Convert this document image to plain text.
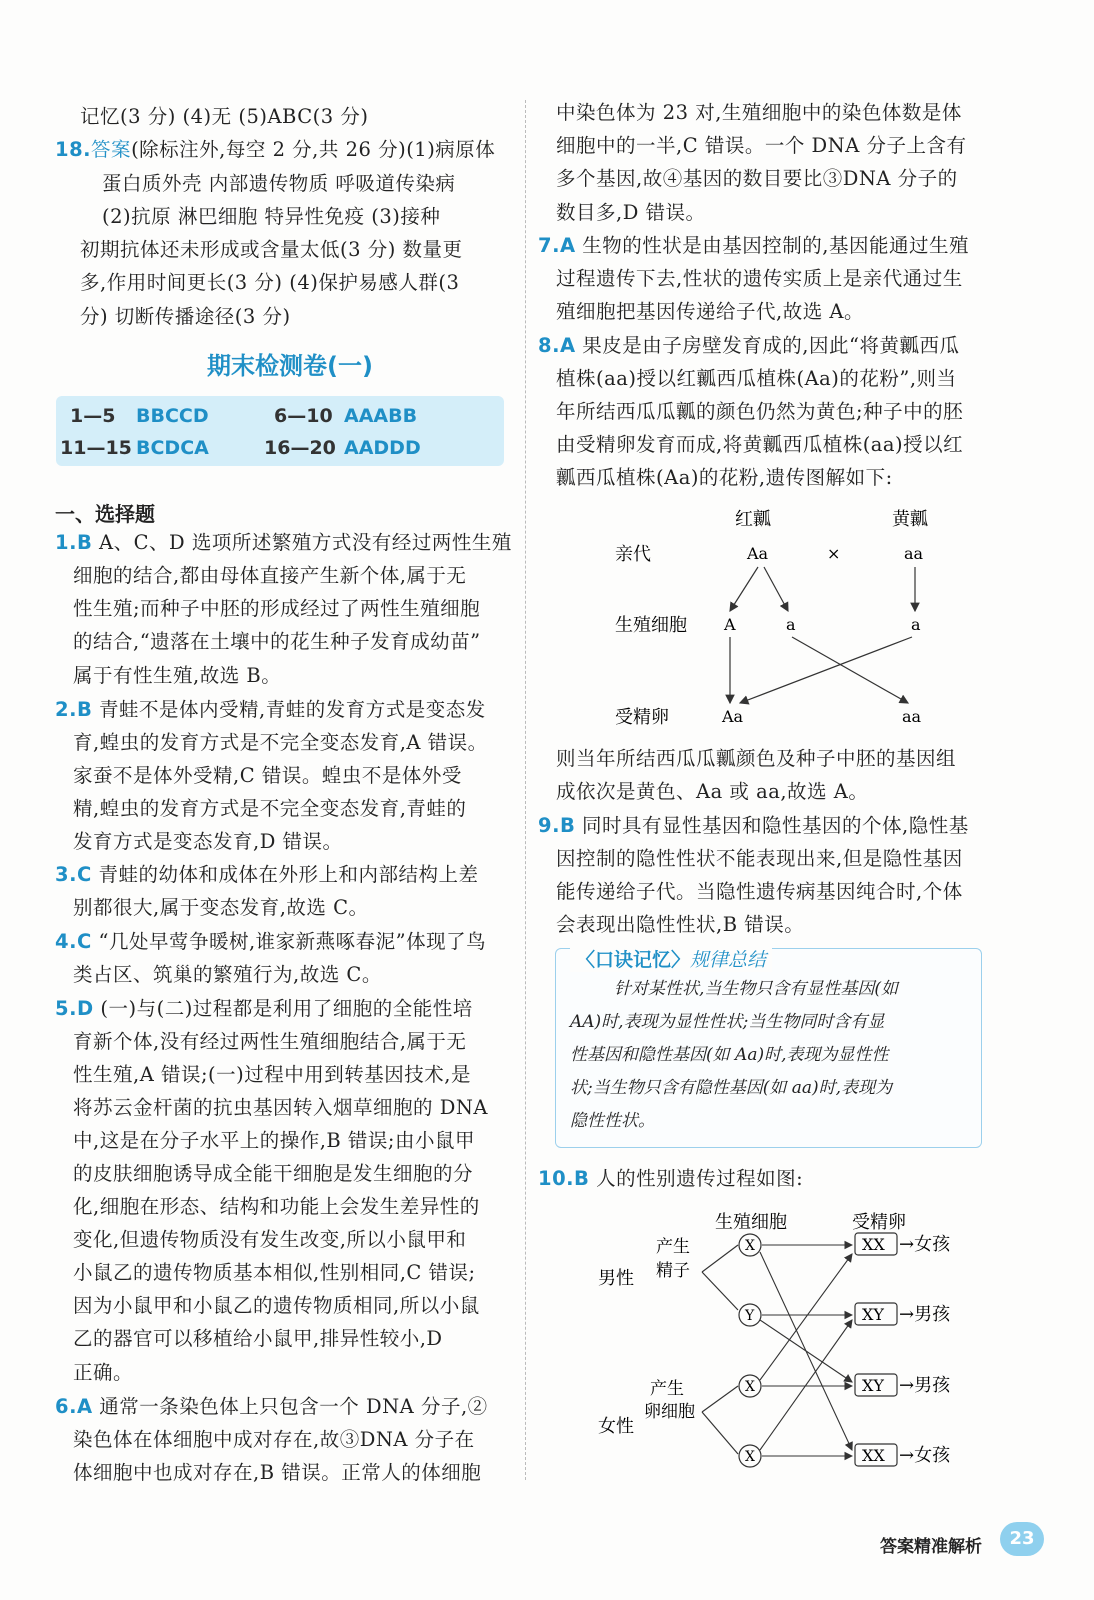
记忆(3 分) (4)无 (5)ABC(3 分)
18.答案(除标注外,每空 2 分,共 26 分)(1)病原体
蛋白质外壳 内部遗传物质 呼吸道传染病
(2)抗原 淋巴细胞 特异性免疫 (3)接种
初期抗体还未形成或含量太低(3 分) 数量更
多,作用时间更长(3 分) (4)保护易感人群(3
分) 切断传播途径(3 分)
期末检测卷(一)
1—5 BBCCD	6—10 AAABB
11—15 BCDCA	16—20 AADDD
一、选择题
1.B A、C、D 选项所述繁殖方式没有经过两性生殖
细胞的结合,都由母体直接产生新个体,属于无
性生殖;而种子中胚的形成经过了两性生殖细胞
的结合,“遗落在土壤中的花生种子发育成幼苗”
属于有性生殖,故选 B。
2.B 青蛙不是体内受精,青蛙的发育方式是变态发
育,蝗虫的发育方式是不完全变态发育,A 错误。
家蚕不是体外受精,C 错误。蝗虫不是体外受
精,蝗虫的发育方式是不完全变态发育,青蛙的
发育方式是变态发育,D 错误。
3.C 青蛙的幼体和成体在外形上和内部结构上差
别都很大,属于变态发育,故选 C。
4.C “几处早莺争暖树,谁家新燕啄春泥”体现了鸟
类占区、筑巢的繁殖行为,故选 C。
5.D (一)与(二)过程都是利用了细胞的全能性培
育新个体,没有经过两性生殖细胞结合,属于无
性生殖,A 错误;(一)过程中用到转基因技术,是
将苏云金杆菌的抗虫基因转入烟草细胞的 DNA
中,这是在分子水平上的操作,B 错误;由小鼠甲
的皮肤细胞诱导成全能干细胞是发生细胞的分
化,细胞在形态、结构和功能上会发生差异性的
变化,但遗传物质没有发生改变,所以小鼠甲和
小鼠乙的遗传物质基本相似,性别相同,C 错误;
因为小鼠甲和小鼠乙的遗传物质相同,所以小鼠
乙的器官可以移植给小鼠甲,排异性较小,D
正确。
6.A 通常一条染色体上只包含一个 DNA 分子,②
染色体在体细胞中成对存在,故③DNA 分子在
体细胞中也成对存在,B 错误。正常人的体细胞
中染色体为 23 对,生殖细胞中的染色体数是体
细胞中的一半,C 错误。一个 DNA 分子上含有
多个基因,故④基因的数目要比③DNA 分子的
数目多,D 错误。
7.A 生物的性状是由基因控制的,基因能通过生殖
过程遗传下去,性状的遗传实质上是亲代通过生
殖细胞把基因传递给子代,故选 A。
8.A 果皮是由子房壁发育成的,因此“将黄瓤西瓜
植株(aa)授以红瓤西瓜植株(Aa)的花粉”,则当
年所结西瓜瓜瓤的颜色仍然为黄色;种子中的胚
由受精卵发育而成,将黄瓤西瓜植株(aa)授以红
瓤西瓜植株(Aa)的花粉,遗传图解如下:
红瓤	黄瓤
亲代
生殖细胞
受精卵
Aa	×	aa
A	a	a
Aa	aa
则当年所结西瓜瓜瓤颜色及种子中胚的基因组
成依次是黄色、Aa 或 aa,故选 A。
9.B 同时具有显性基因和隐性基因的个体,隐性基
因控制的隐性性状不能表现出来,但是隐性基因
能传递给子代。当隐性遗传病基因纯合时,个体
会表现出隐性性状,B 错误。
针对某性状,当生物只含有显性基因(如
AA)时,表现为显性性状;当生物同时含有显
性基因和隐性基因(如 Aa)时,表现为显性性
状;当生物只含有隐性基因(如 aa)时,表现为
隐性性状。
〈口诀记忆〉规律总结
10.B 人的性别遗传过程如图:
生殖细胞	受精卵
男性
产生
精子
女性
产生
卵细胞
X
Y
X
X
XX
XY
XY
XX
→女孩
→男孩
→男孩
→女孩
答案精准解析	23
